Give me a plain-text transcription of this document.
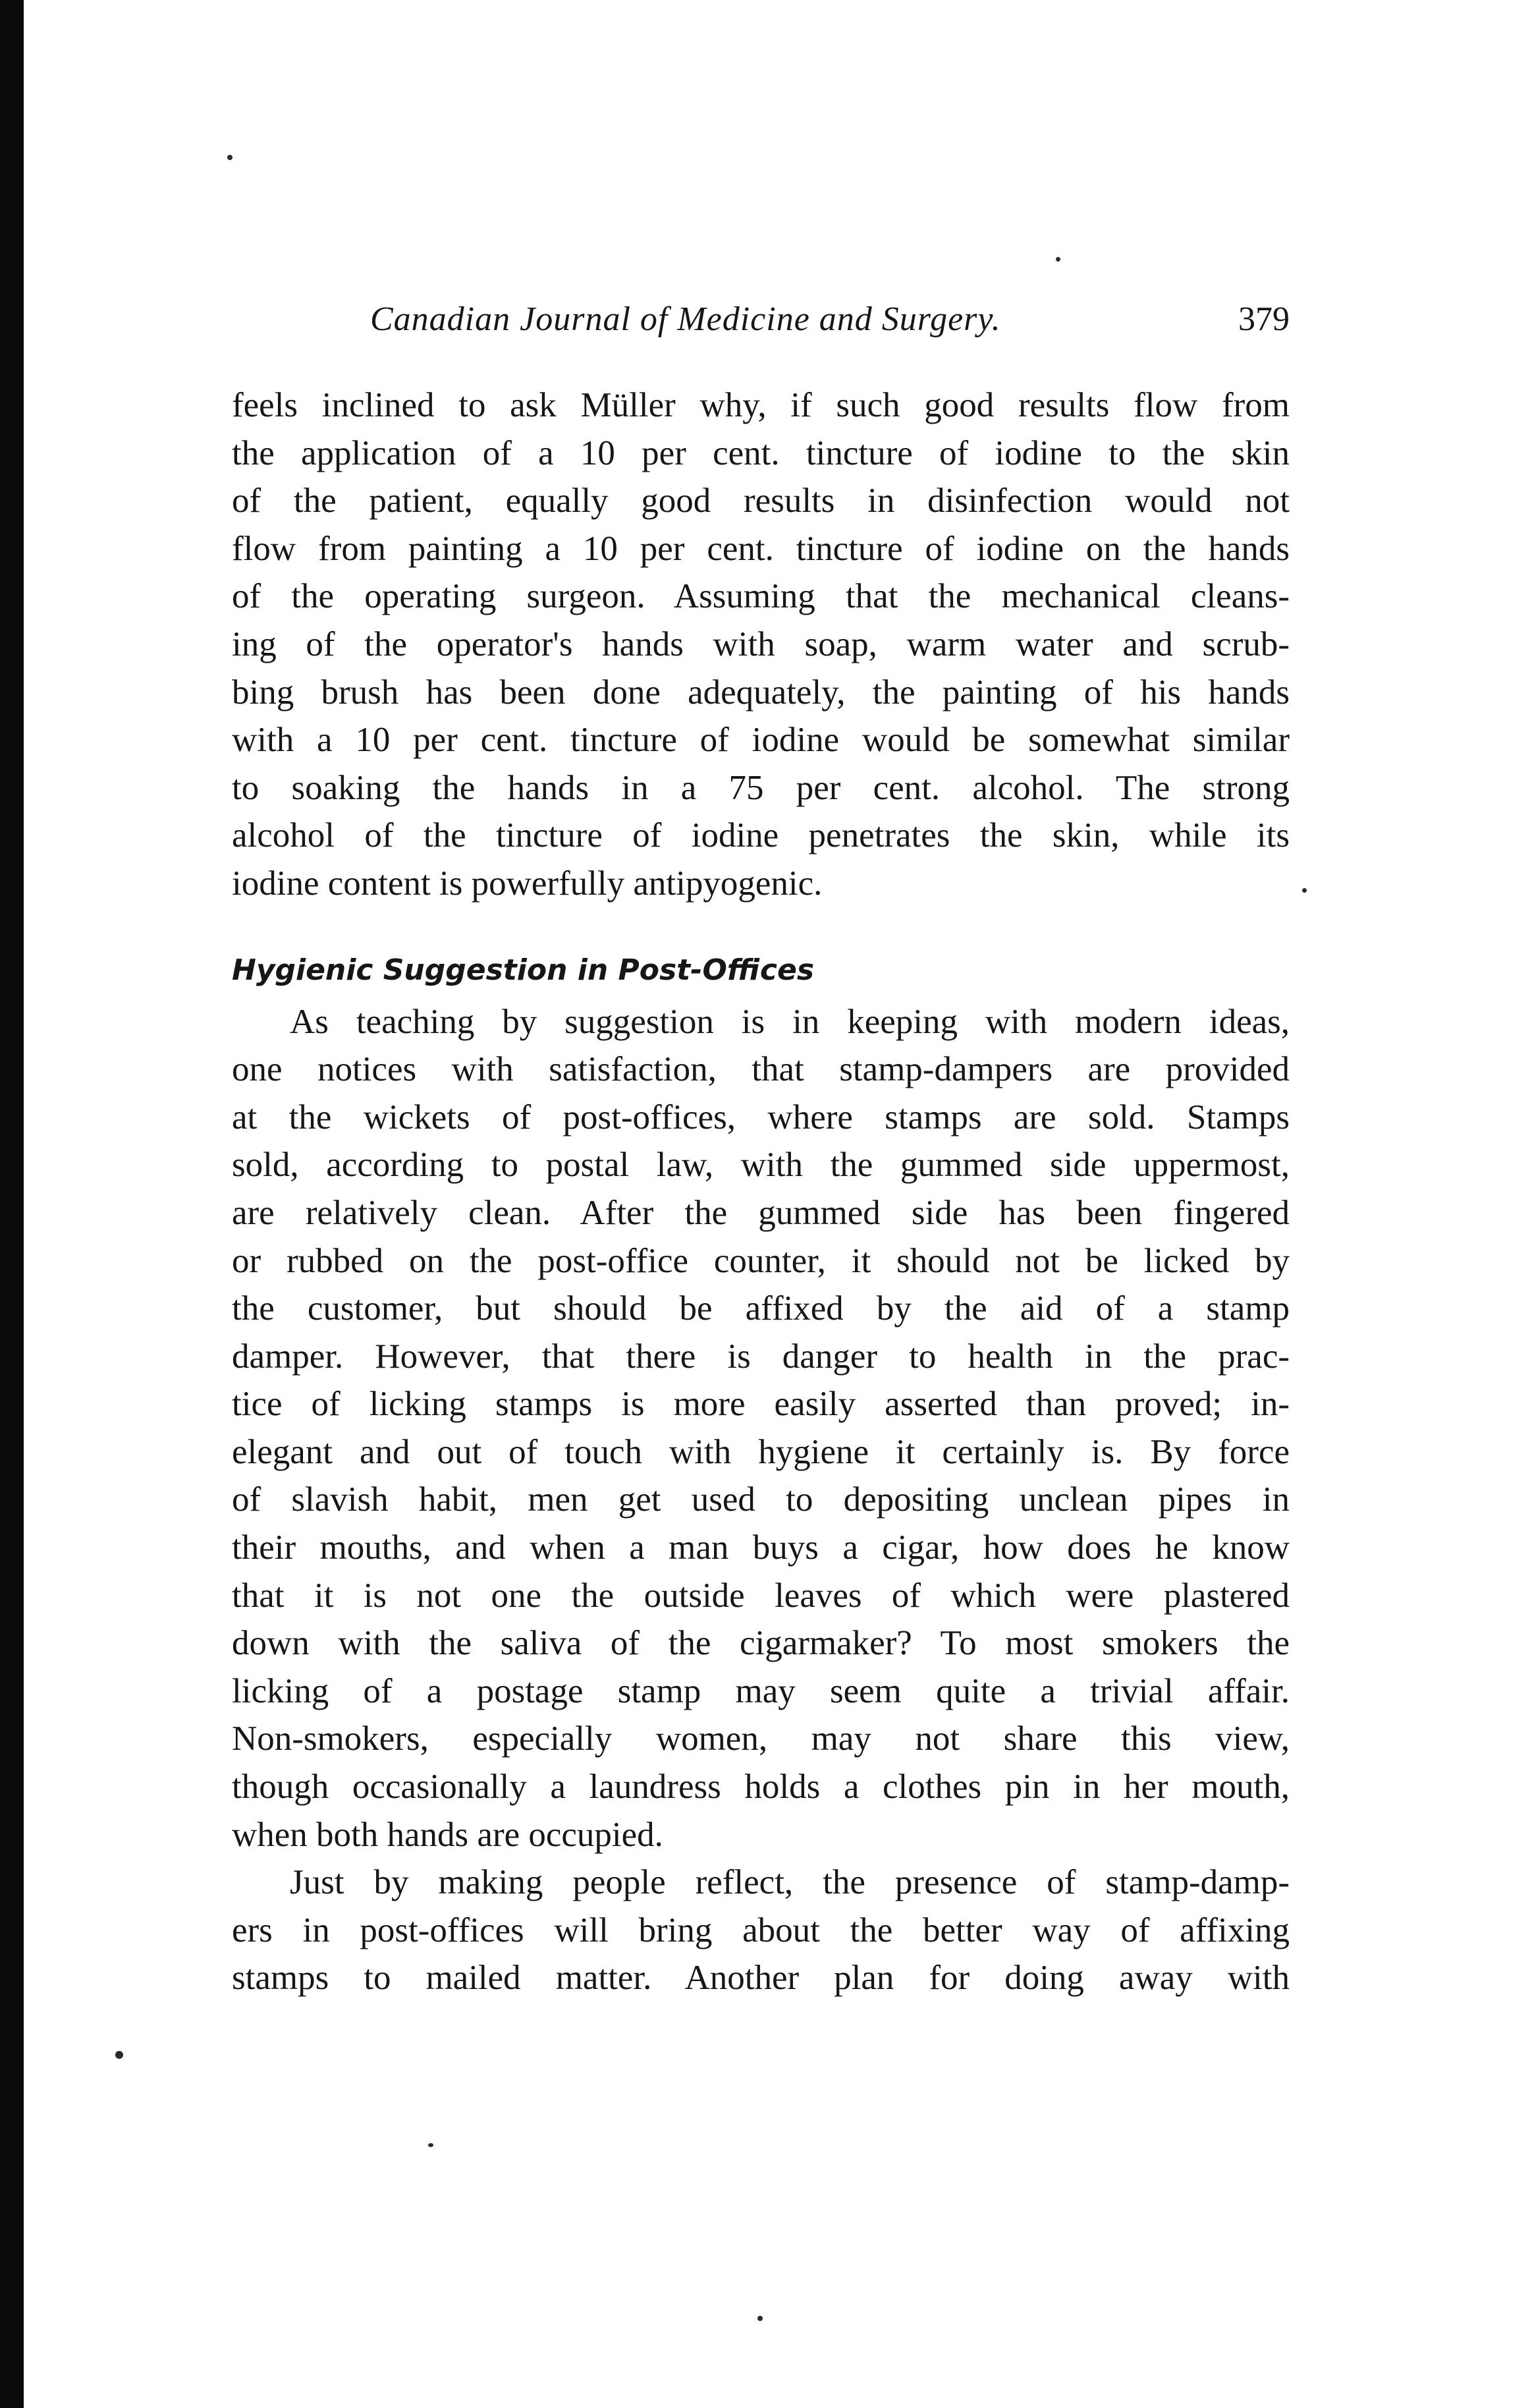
Canadian Journal of Medicine and Surgery.	379

feels inclined to ask Müller why, if such good results flow from
the application of a 10 per cent. tincture of iodine to the skin
of the patient, equally good results in disinfection would not
flow from painting a 10 per cent. tincture of iodine on the hands
of the operating surgeon. Assuming that the mechanical cleans-
ing of the operator's hands with soap, warm water and scrub-
bing brush has been done adequately, the painting of his hands
with a 10 per cent. tincture of iodine would be somewhat similar
to soaking the hands in a 75 per cent. alcohol. The strong
alcohol of the tincture of iodine penetrates the skin, while its
iodine content is powerfully antipyogenic.

Hygienic Suggestion in Post-Offices

As teaching by suggestion is in keeping with modern ideas,
one notices with satisfaction, that stamp-dampers are provided
at the wickets of post-offices, where stamps are sold. Stamps
sold, according to postal law, with the gummed side uppermost,
are relatively clean. After the gummed side has been fingered
or rubbed on the post-office counter, it should not be licked by
the customer, but should be affixed by the aid of a stamp
damper. However, that there is danger to health in the prac-
tice of licking stamps is more easily asserted than proved; in-
elegant and out of touch with hygiene it certainly is. By force
of slavish habit, men get used to depositing unclean pipes in
their mouths, and when a man buys a cigar, how does he know
that it is not one the outside leaves of which were plastered
down with the saliva of the cigarmaker? To most smokers the
licking of a postage stamp may seem quite a trivial affair.
Non-smokers, especially women, may not share this view,
though occasionally a laundress holds a clothes pin in her mouth,
when both hands are occupied.

Just by making people reflect, the presence of stamp-damp-
ers in post-offices will bring about the better way of affixing
stamps to mailed matter. Another plan for doing away with
